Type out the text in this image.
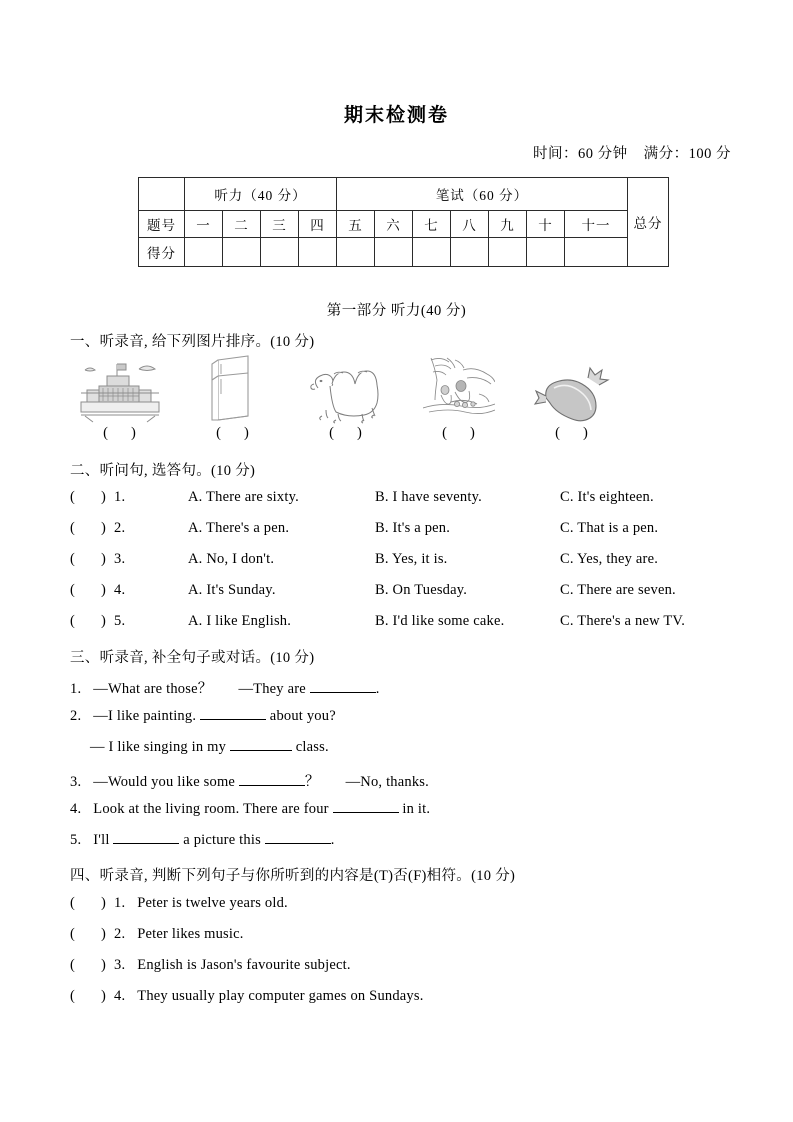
期末检测卷
时间：60 分钟 满分：100 分
	听力（40 分）				笔试（60 分）							总分
题号	一	二	三	四	五	六	七	八	九	十	十一	
得分												
第一部分 听力(40 分)
一、听录音, 给下列图片排序。(10 分)
( )	( )	( )	( )	( )
二、听问句, 选答句。(10 分)
( ) 1.	A. There are sixty.	B. I have seventy.	C. It's eighteen.
( ) 2.	A. There's a pen.	B. It's a pen.	C. That is a pen.
( ) 3.	A. No, I don't.	B. Yes, it is.	C. Yes, they are.
( ) 4.	A. It's Sunday.	B. On Tuesday.	C. There are seven.
( ) 5.	A. I like English.	B. I'd like some cake.	C. There's a new TV.
三、听录音, 补全句子或对话。(10 分)
1. —What are those？ —They are	.
2. —I like painting.	about you?
— I like singing in my	class.
3. —Would you like some	？ —No, thanks.
4. Look at the living room. There are four	in it.
5. I'll	a picture this	.
四、听录音, 判断下列句子与你所听到的内容是(T)否(F)相符。(10 分)
( ) 1. Peter is twelve years old.
( ) 2. Peter likes music.
( ) 3. English is Jason's favourite subject.
( ) 4. They usually play computer games on Sundays.
